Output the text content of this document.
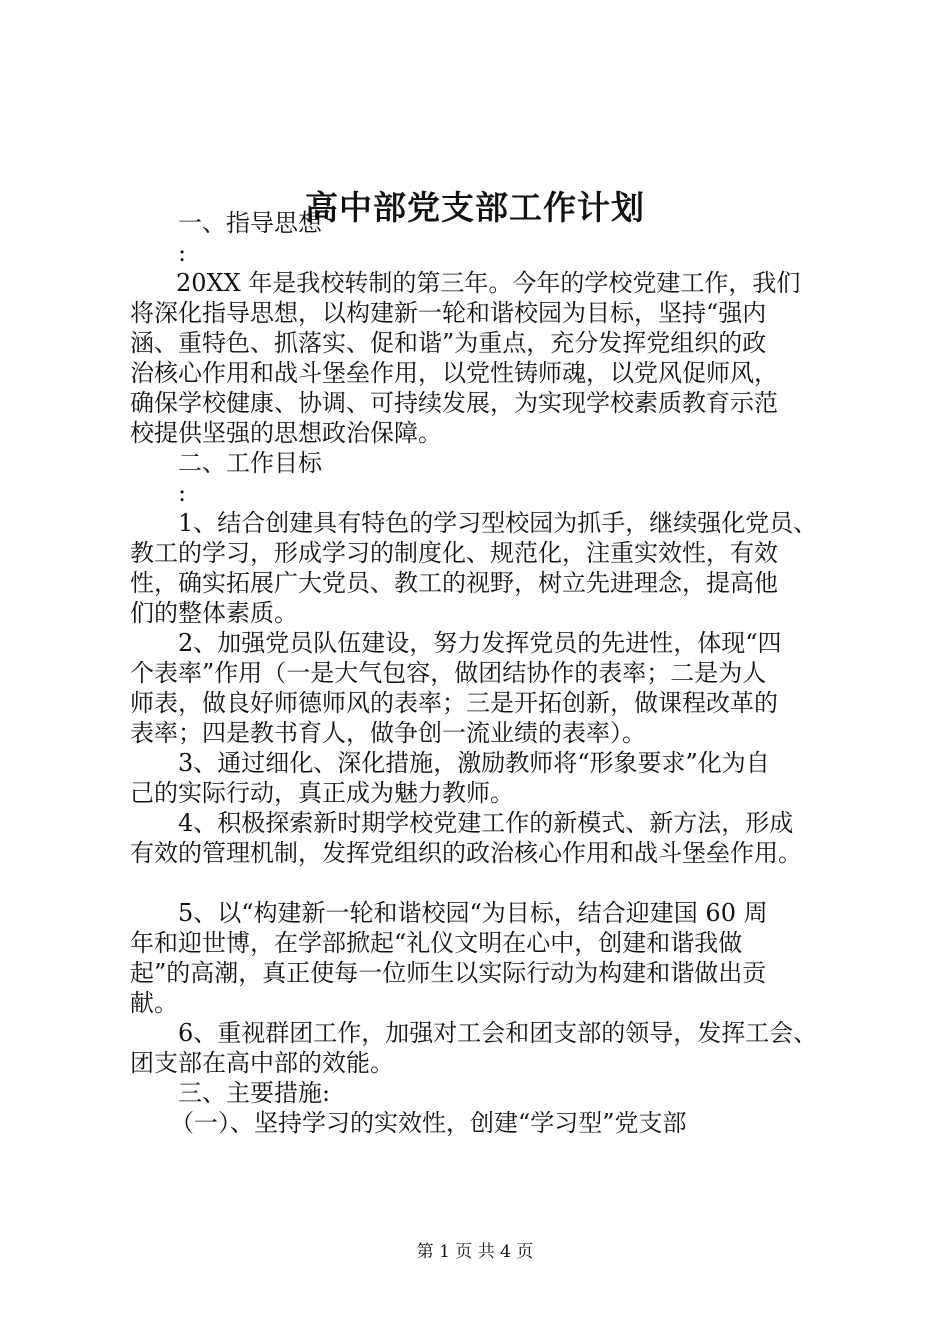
高中部党支部工作计划
一、指导思想
:
20XX 年是我校转制的第三年。今年的学校党建工作，我们
将深化指导思想，以构建新一轮和谐校园为目标，坚持“强内
涵、重特色、抓落实、促和谐”为重点，充分发挥党组织的政
治核心作用和战斗堡垒作用，以党性铸师魂，以党风促师风，
确保学校健康、协调、可持续发展，为实现学校素质教育示范
校提供坚强的思想政治保障。
二、工作目标
:
1、结合创建具有特色的学习型校园为抓手，继续强化党员、
教工的学习，形成学习的制度化、规范化，注重实效性，有效
性，确实拓展广大党员、教工的视野，树立先进理念，提高他
们的整体素质。
2、加强党员队伍建设，努力发挥党员的先进性，体现“四
个表率”作用（一是大气包容，做团结协作的表率；二是为人
师表，做良好师德师风的表率；三是开拓创新，做课程改革的
表率；四是教书育人，做争创一流业绩的表率）。
3、通过细化、深化措施，激励教师将“形象要求”化为自
己的实际行动，真正成为魅力教师。
4、积极探索新时期学校党建工作的新模式、新方法，形成
有效的管理机制，发挥党组织的政治核心作用和战斗堡垒作用。
5、以“构建新一轮和谐校园“为目标，结合迎建国 60 周
年和迎世博，在学部掀起“礼仪文明在心中，创建和谐我做
起”的高潮，真正使每一位师生以实际行动为构建和谐做出贡
献。
6、重视群团工作，加强对工会和团支部的领导，发挥工会、
团支部在高中部的效能。
三、主要措施:
（一）、坚持学习的实效性，创建“学习型”党支部
第 1 页 共 4 页
